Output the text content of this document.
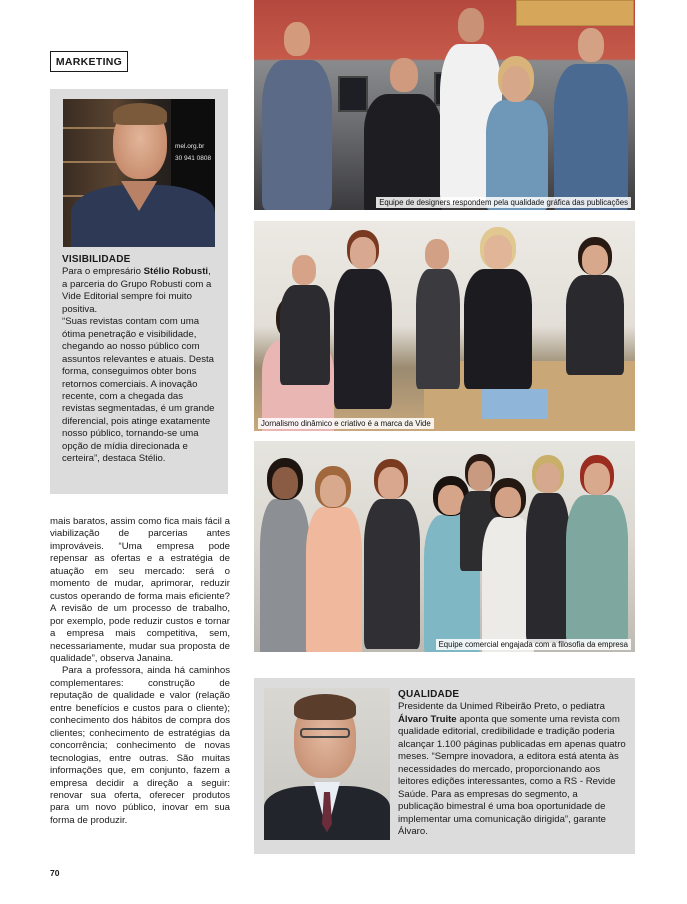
MARKETING
mel.org.br
30 941 0808
VISIBILIDADE

Para o empresário Stélio Robusti, a parceria do Grupo Robusti com a Vide Editorial sempre foi muito positiva.

“Suas revistas contam com uma ótima penetração e visibilidade, chegando ao nosso público com assuntos relevantes e atuais. Desta forma, conseguimos obter bons retornos comerciais. A inovação recente, com a chegada das revistas segmentadas, é um grande diferencial, pois atinge exatamente nosso público, tornando-se uma opção de mídia direcionada e certeira”, destaca Stélio.

mais baratos, assim como fica mais fácil a viabilização de parcerias antes improváveis. “Uma empresa pode repensar as ofertas e a estratégia de atuação em seu mercado: será o momento de mudar, aprimorar, reduzir custos operando de forma mais eficiente? A revisão de um processo de trabalho, por exemplo, pode reduzir custos e tornar a empresa mais competitiva, sem, necessariamente, mudar sua proposta de qualidade”, observa Janaina.

Para a professora, ainda há caminhos complementares: construção de reputação de qualidade e valor (relação entre benefícios e custos para o cliente); conhecimento dos hábitos de compra dos clientes; conhecimento de estratégias da concorrência; conhecimento de novas tecnologias, entre outras. São muitas informações que, em conjunto, fazem a empresa decidir a direção a seguir: renovar sua oferta, oferecer produtos para um novo público, inovar em sua forma de produzir.

Equipe de designers respondem pela qualidade gráfica das publicações
Jornalismo dinâmico e criativo é a marca da Vide
Equipe comercial engajada com a filosofia da empresa
QUALIDADE

Presidente da Unimed Ribeirão Preto, o pediatra Álvaro Truite aponta que somente uma revista com qualidade editorial, credibilidade e tradição poderia alcançar 1.100 páginas publicadas em apenas quatro meses. “Sempre inovadora, a editora está atenta às necessidades do mercado, proporcionando aos leitores edições interessantes, como a RS - Revide Saúde. Para as empresas do segmento, a publicação bimestral é uma boa oportunidade de implementar uma comunicação dirigida”, garante Álvaro.

70
